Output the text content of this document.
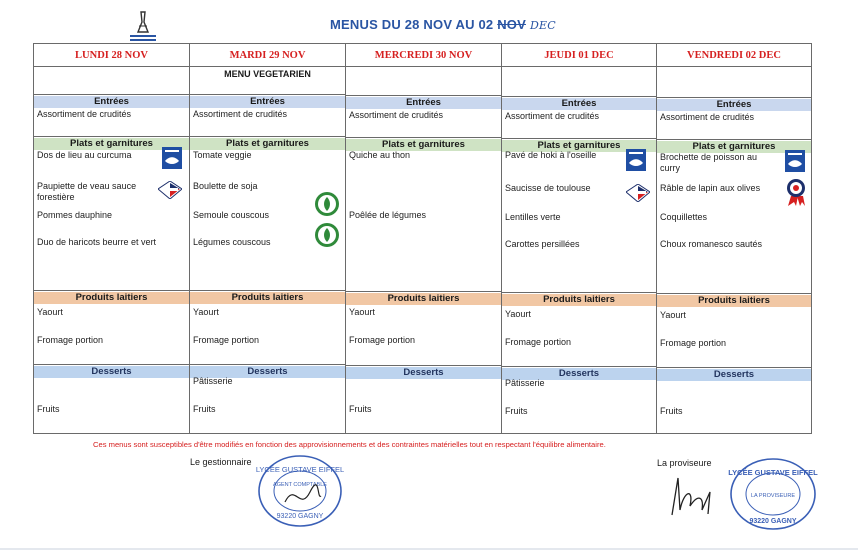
MENUS DU 28 NOV AU 02 NOV DEC
LUNDI 28 NOV
Entrées
Assortiment de crudités
Plats et garnitures
Dos de lieu au curcuma
Paupiette de veau sauce forestière
Pommes dauphine
Duo de haricots beurre et vert
Produits laitiers
Yaourt
Fromage portion
Desserts
Fruits
MARDI 29 NOV
MENU VEGETARIEN
Entrées
Assortiment de crudités
Plats et garnitures
Tomate veggie
Boulette de soja
Semoule couscous
Légumes couscous
Produits laitiers
Yaourt
Fromage portion
Desserts
Pâtisserie
Fruits
MERCREDI 30 NOV
Entrées
Assortiment de crudités
Plats et garnitures
Quiche au thon
Poêlée de légumes
Produits laitiers
Yaourt
Fromage portion
Desserts
Fruits
JEUDI 01 DEC
Entrées
Assortiment de crudités
Plats et garnitures
Pavé de hoki à l'oseille
Saucisse de toulouse
Lentilles verte
Carottes persillées
Produits laitiers
Yaourt
Fromage portion
Desserts
Pâtisserie
Fruits
VENDREDI 02 DEC
Entrées
Assortiment de crudités
Plats et garnitures
Brochette de poisson au curry
Râble de lapin aux olives
Coquillettes
Choux romanesco sautés
Produits laitiers
Yaourt
Fromage portion
Desserts
Fruits
Ces menus sont susceptibles d'être modifiés en fonction des approvisionnements et des contraintes matérielles tout en respectant l'équilibre alimentaire.
Le gestionnaire	La proviseure
LYCÉE GUSTAVE EIFFEL
AGENT COMPTABLE
93220 GAGNY
LYCÉE GUSTAVE EIFFEL
LA PROVISEURE
93220 GAGNY
